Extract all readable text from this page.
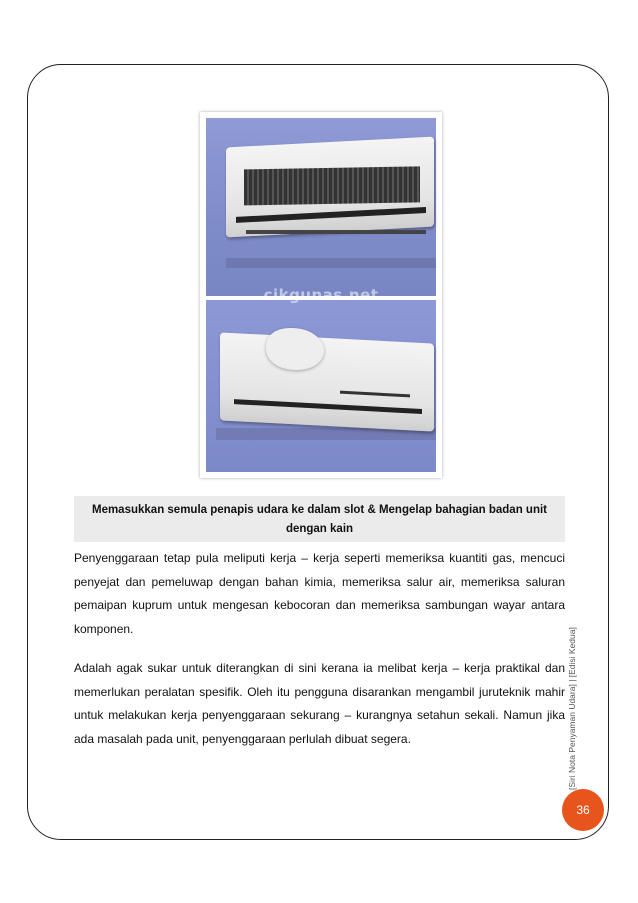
cikgunas.net

Memasukkan semula penapis udara ke dalam slot & Mengelap bahagian badan unit dengan kain

Penyenggaraan tetap pula meliputi kerja – kerja seperti memeriksa kuantiti gas, mencuci penyejat dan pemeluwap dengan bahan kimia, memeriksa salur air, memeriksa saluran pemaipan kuprum untuk mengesan kebocoran dan memeriksa sambungan wayar antara komponen.

Adalah agak sukar untuk diterangkan di sini kerana ia melibat kerja – kerja praktikal dan memerlukan peralatan spesifik. Oleh itu pengguna disarankan mengambil juruteknik mahir untuk melakukan kerja penyenggaraan sekurang – kurangnya setahun sekali. Namun jika ada masalah pada unit, penyenggaraan perlulah dibuat segera.	[Siri Nota Penyaman Udara] | [Edisi Kedua]
36
